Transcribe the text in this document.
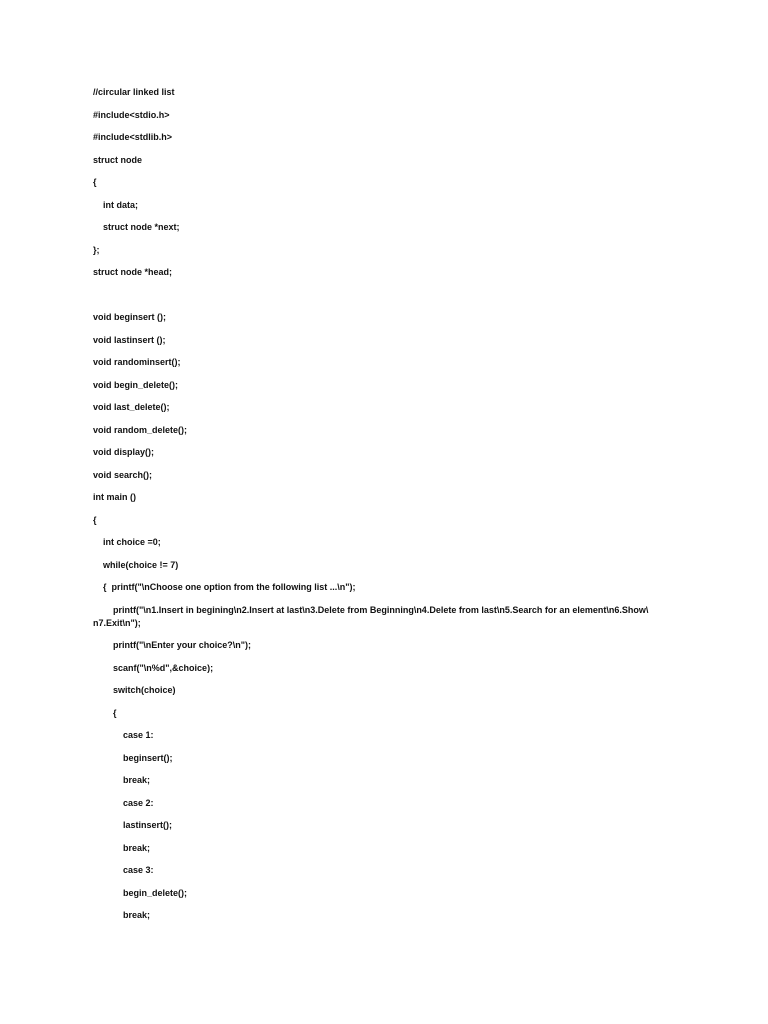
//circular linked list
#include<stdio.h>
#include<stdlib.h>
struct node
{
int data;
struct node *next;
};
struct node *head;
void beginsert ();
void lastinsert ();
void randominsert();
void begin_delete();
void last_delete();
void random_delete();
void display();
void search();
int main ()
{
int choice =0;
while(choice != 7)
{  printf("\nChoose one option from the following list ...\n");
printf("\n1.Insert in begining\n2.Insert at last\n3.Delete from Beginning\n4.Delete from last\n5.Search for an element\n6.Show\ n7.Exit\n");
printf("\nEnter your choice?\n");
scanf("\n%d",&choice);
switch(choice)
{
case 1:
beginsert();
break;
case 2:
lastinsert();
break;
case 3:
begin_delete();
break;
